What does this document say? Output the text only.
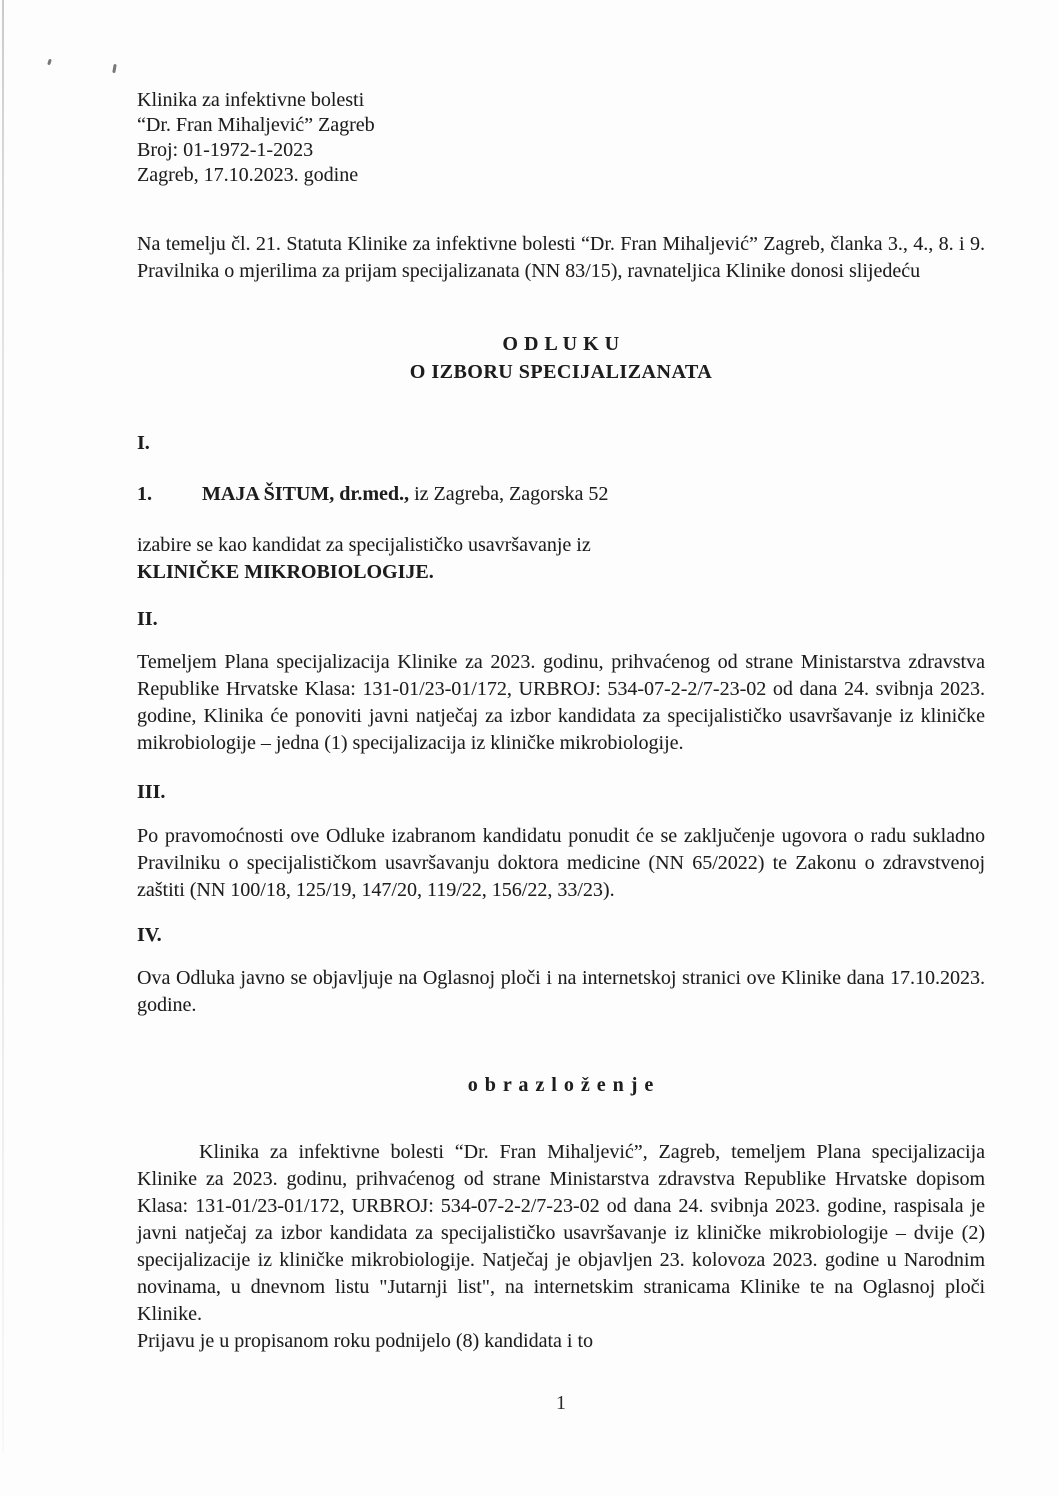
Klinika za infektivne bolesti

“Dr. Fran Mihaljević” Zagreb

Broj: 01-1972-1-2023

Zagreb, 17.10.2023. godine

Na temelju čl. 21. Statuta Klinike za infektivne bolesti “Dr. Fran Mihaljević” Zagreb, članka 3., 4., 8. i 9. Pravilnika o mjerilima za prijam specijalizanata (NN 83/15), ravnateljica Klinike donosi slijedeću

O D L U K U

O IZBORU SPECIJALIZANATA

I.

1.	MAJA ŠITUM, dr.med., iz Zagreba, Zagorska 52

izabire se kao kandidat za specijalističko usavršavanje iz

KLINIČKE MIKROBIOLOGIJE.

II.

Temeljem Plana specijalizacija Klinike za 2023. godinu, prihvaćenog od strane Ministarstva zdravstva Republike Hrvatske Klasa: 131-01/23-01/172, URBROJ: 534-07-2-2/7-23-02 od dana 24. svibnja 2023. godine, Klinika će ponoviti javni natječaj za izbor kandidata za specijalističko usavršavanje iz kliničke mikrobiologije – jedna (1) specijalizacija iz kliničke mikrobiologije.

III.

Po pravomoćnosti ove Odluke izabranom kandidatu ponudit će se zaključenje ugovora o radu sukladno Pravilniku o specijalističkom usavršavanju doktora medicine (NN 65/2022) te Zakonu o zdravstvenoj zaštiti (NN 100/18, 125/19, 147/20, 119/22, 156/22, 33/23).

IV.

Ova Odluka javno se objavljuje na Oglasnoj ploči i na internetskoj stranici ove Klinike dana 17.10.2023. godine.

o b r a z l o ž e n j e

Klinika za infektivne bolesti “Dr. Fran Mihaljević”, Zagreb, temeljem Plana specijalizacija Klinike za 2023. godinu, prihvaćenog od strane Ministarstva zdravstva Republike Hrvatske dopisom Klasa: 131-01/23-01/172, URBROJ: 534-07-2-2/7-23-02 od dana 24. svibnja 2023. godine, raspisala je javni natječaj za izbor kandidata za specijalističko usavršavanje iz kliničke mikrobiologije – dvije (2) specijalizacije iz kliničke mikrobiologije. Natječaj je objavljen 23. kolovoza 2023. godine u Narodnim novinama, u dnevnom listu "Jutarnji list", na internetskim stranicama Klinike te na Oglasnoj ploči Klinike.

Prijavu je u propisanom roku podnijelo (8) kandidata i to

1
